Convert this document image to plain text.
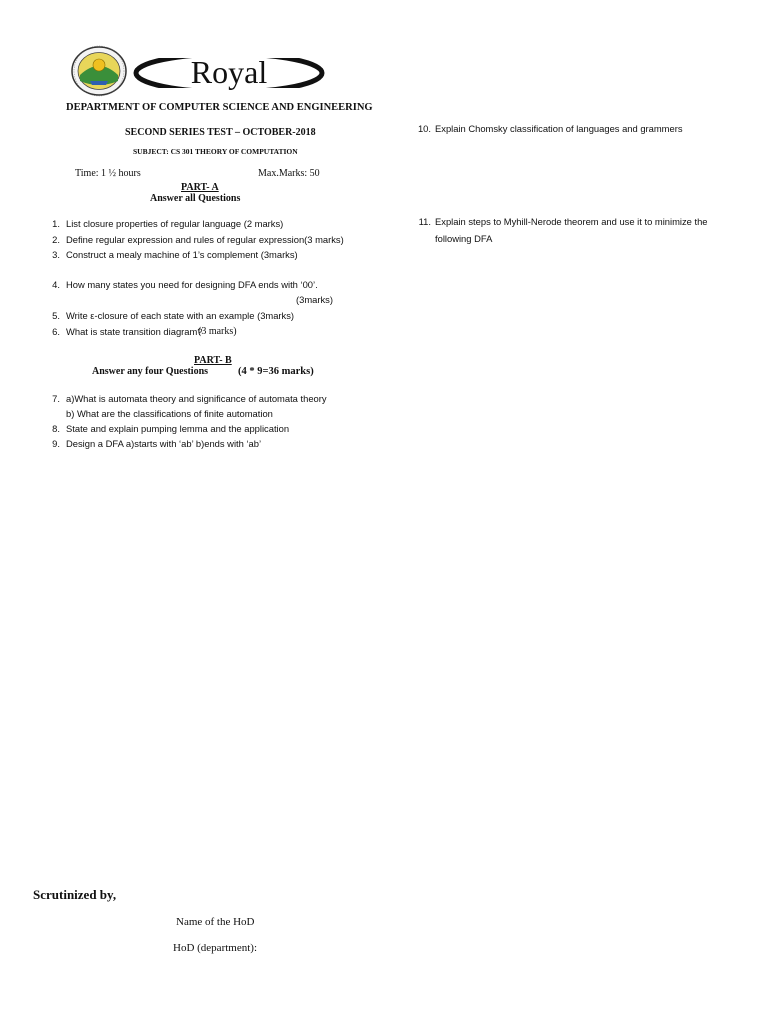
Royal
DEPARTMENT OF COMPUTER SCIENCE AND ENGINEERING
SECOND SERIES TEST – OCTOBER-2018
SUBJECT: CS 301 THEORY OF COMPUTATION
Time: 1 ½ hours	Max.Marks: 50
PART- A
Answer all Questions
1. List closure properties of regular language (2 marks)
2. Define regular expression and rules of regular expression(3 marks)
3. Construct a mealy machine of 1’s complement (3marks)
4. How many states you need for designing DFA ends with ‘00’.
(3marks)
5. Write ε-closure of each state with an example (3marks)
6. What is state transition diagram?
(3 marks)
PART- B
Answer any four Questions	(4 * 9=36 marks)
7. a)What is automata theory and significance of automata theory
b) What are the classifications of finite automation
8. State and explain pumping lemma and the application
9. Design a DFA a)starts with ‘ab’ b)ends with ‘ab’
10. Explain Chomsky classification of languages and grammers
11. Explain steps to Myhill-Nerode theorem and use it to minimize the
following DFA
Scrutinized by,
Name of the HoD
HoD (department):
